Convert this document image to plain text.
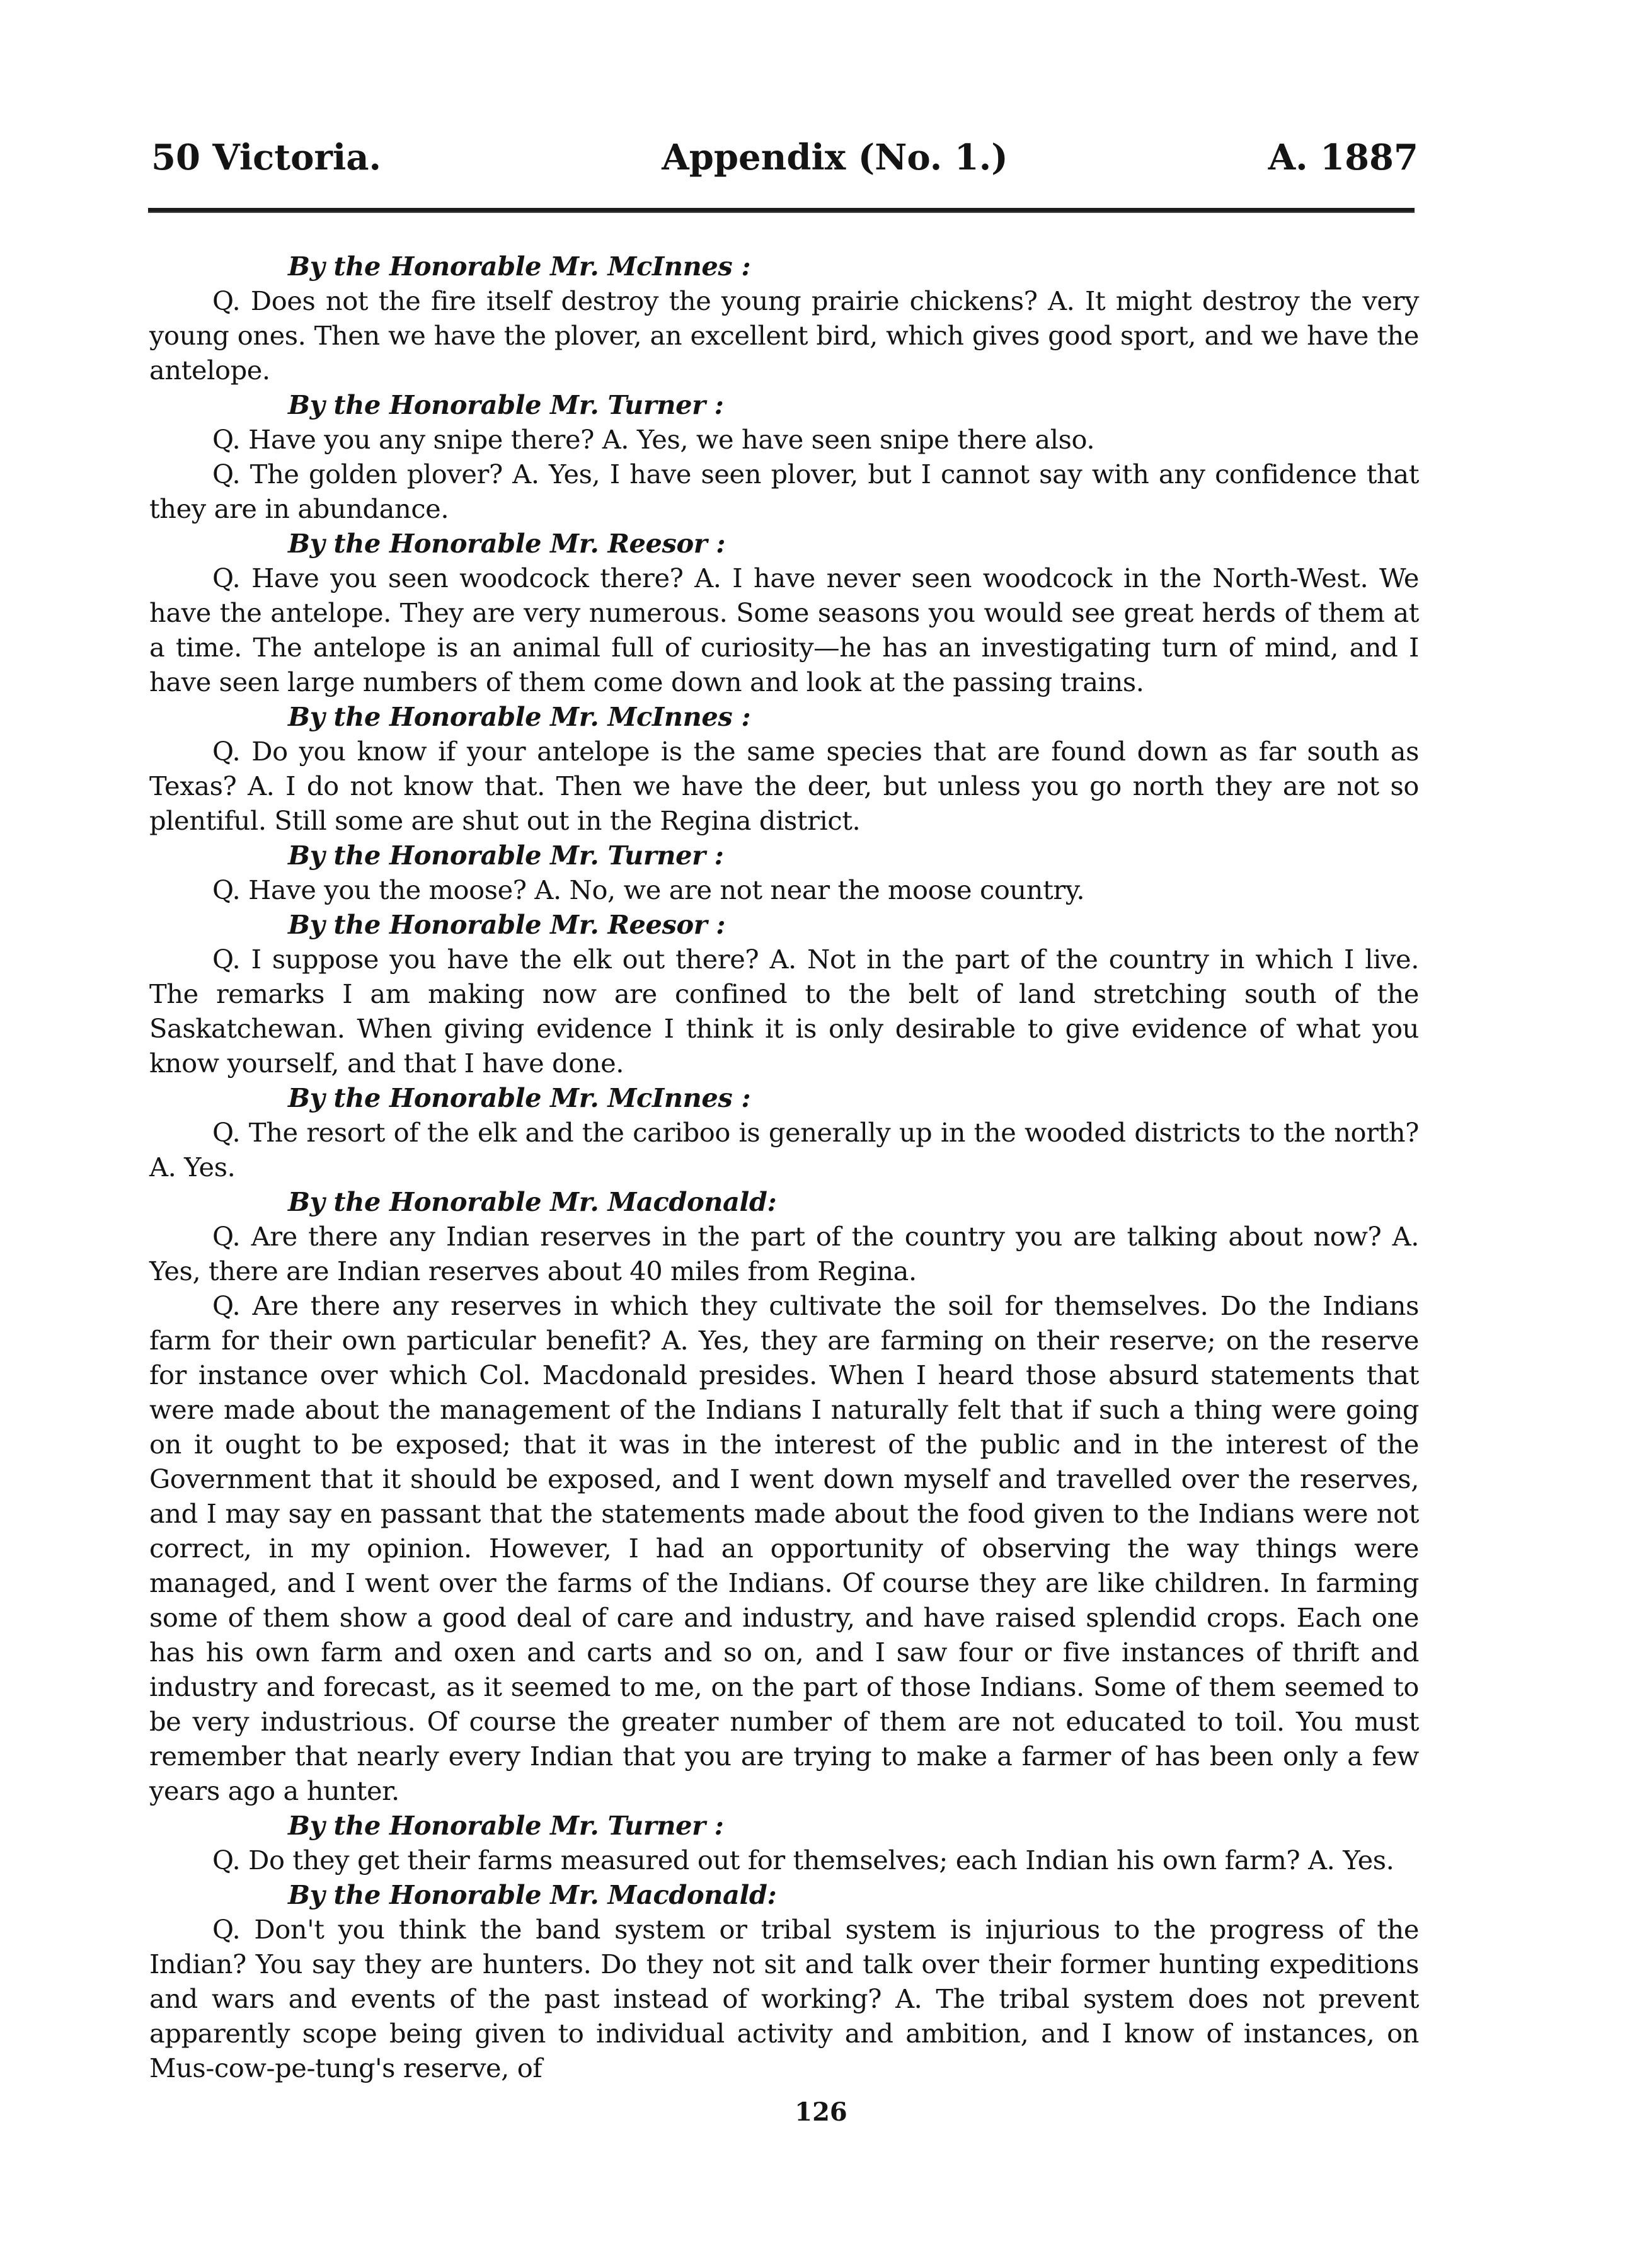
50 Victoria.	Appendix (No. 1.)	A. 1887

By the Honorable Mr. McInnes :

Q. Does not the fire itself destroy the young prairie chickens? A. It might destroy the very young ones. Then we have the plover, an excellent bird, which gives good sport, and we have the antelope.

By the Honorable Mr. Turner :

Q. Have you any snipe there? A. Yes, we have seen snipe there also.

Q. The golden plover? A. Yes, I have seen plover, but I cannot say with any confidence that they are in abundance.

By the Honorable Mr. Reesor :

Q. Have you seen woodcock there? A. I have never seen woodcock in the North-West. We have the antelope. They are very numerous. Some seasons you would see great herds of them at a time. The antelope is an animal full of curiosity—he has an investigating turn of mind, and I have seen large numbers of them come down and look at the passing trains.

By the Honorable Mr. McInnes :

Q. Do you know if your antelope is the same species that are found down as far south as Texas? A. I do not know that. Then we have the deer, but unless you go north they are not so plentiful. Still some are shut out in the Regina district.

By the Honorable Mr. Turner :

Q. Have you the moose? A. No, we are not near the moose country.

By the Honorable Mr. Reesor :

Q. I suppose you have the elk out there? A. Not in the part of the country in which I live. The remarks I am making now are confined to the belt of land stretching south of the Saskatchewan. When giving evidence I think it is only desirable to give evidence of what you know yourself, and that I have done.

By the Honorable Mr. McInnes :

Q. The resort of the elk and the cariboo is generally up in the wooded districts to the north? A. Yes.

By the Honorable Mr. Macdonald:

Q. Are there any Indian reserves in the part of the country you are talking about now? A. Yes, there are Indian reserves about 40 miles from Regina.

Q. Are there any reserves in which they cultivate the soil for themselves. Do the Indians farm for their own particular benefit? A. Yes, they are farming on their reserve; on the reserve for instance over which Col. Macdonald presides. When I heard those absurd statements that were made about the management of the Indians I naturally felt that if such a thing were going on it ought to be exposed; that it was in the interest of the public and in the interest of the Government that it should be exposed, and I went down myself and travelled over the reserves, and I may say en passant that the statements made about the food given to the Indians were not correct, in my opinion. However, I had an opportunity of observing the way things were managed, and I went over the farms of the Indians. Of course they are like children. In farming some of them show a good deal of care and industry, and have raised splendid crops. Each one has his own farm and oxen and carts and so on, and I saw four or five instances of thrift and industry and forecast, as it seemed to me, on the part of those Indians. Some of them seemed to be very industrious. Of course the greater number of them are not educated to toil. You must remember that nearly every Indian that you are trying to make a farmer of has been only a few years ago a hunter.

By the Honorable Mr. Turner :

Q. Do they get their farms measured out for themselves; each Indian his own farm? A. Yes.

By the Honorable Mr. Macdonald:

Q. Don't you think the band system or tribal system is injurious to the progress of the Indian? You say they are hunters. Do they not sit and talk over their former hunting expeditions and wars and events of the past instead of working? A. The tribal system does not prevent apparently scope being given to individual activity and ambition, and I know of instances, on Mus-cow-pe-tung's reserve, of

126
